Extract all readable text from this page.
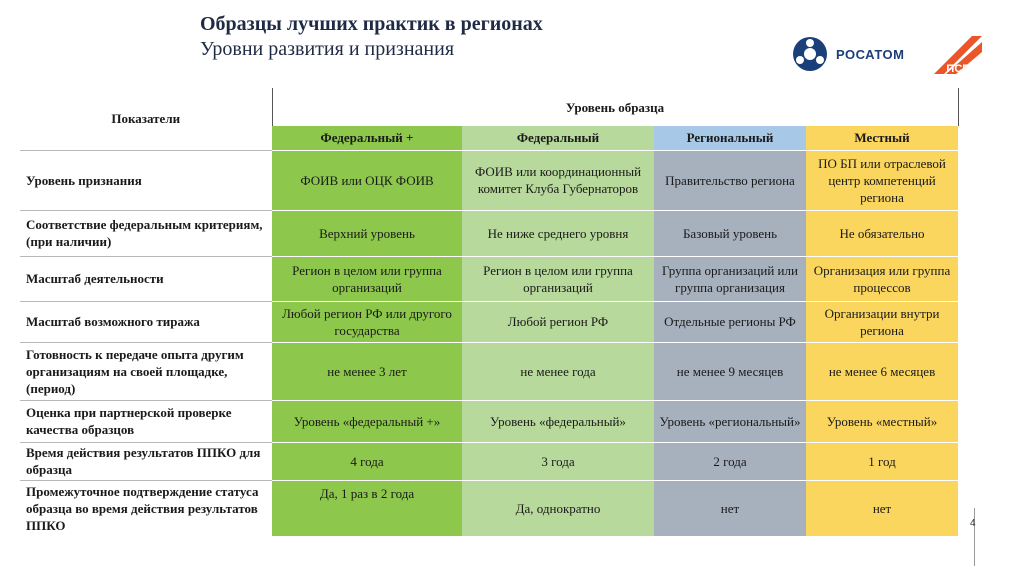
Образцы лучших практик в регионах
Уровни развития и признания	РОСАТОМ
ПСР
Показатели	Уровень образца			
	Федеральный +	Федеральный	Региональный	Местный
Уровень признания	ФОИВ или ОЦК ФОИВ	ФОИВ или координационный комитет Клуба Губернаторов	Правительство региона	ПО БП или отраслевой центр компетенций региона
Соответствие федеральным критериям, (при наличии)	Верхний уровень	Не ниже среднего уровня	Базовый уровень	Не обязательно
Масштаб деятельности	Регион в целом или группа организаций	Регион в целом или группа организаций	Группа организаций или группа организация	Организация или группа процессов
Масштаб возможного тиража	Любой регион РФ или другого государства	Любой регион РФ	Отдельные регионы РФ	Организации внутри региона
Готовность к передаче опыта другим организациям на своей площадке, (период)	не менее 3 лет	не менее года	не менее 9 месяцев	не менее 6 месяцев
Оценка при партнерской проверке качества образцов	Уровень «федеральный +»	Уровень «федеральный»	Уровень «региональный»	Уровень «местный»
Время действия результатов ППКО для образца	4 года	3 года	2 года	1 год
Промежуточное подтверждение статуса образца во время действия результатов ППКО	Да, 1 раз в 2 года	Да, однократно	нет	нет
4
